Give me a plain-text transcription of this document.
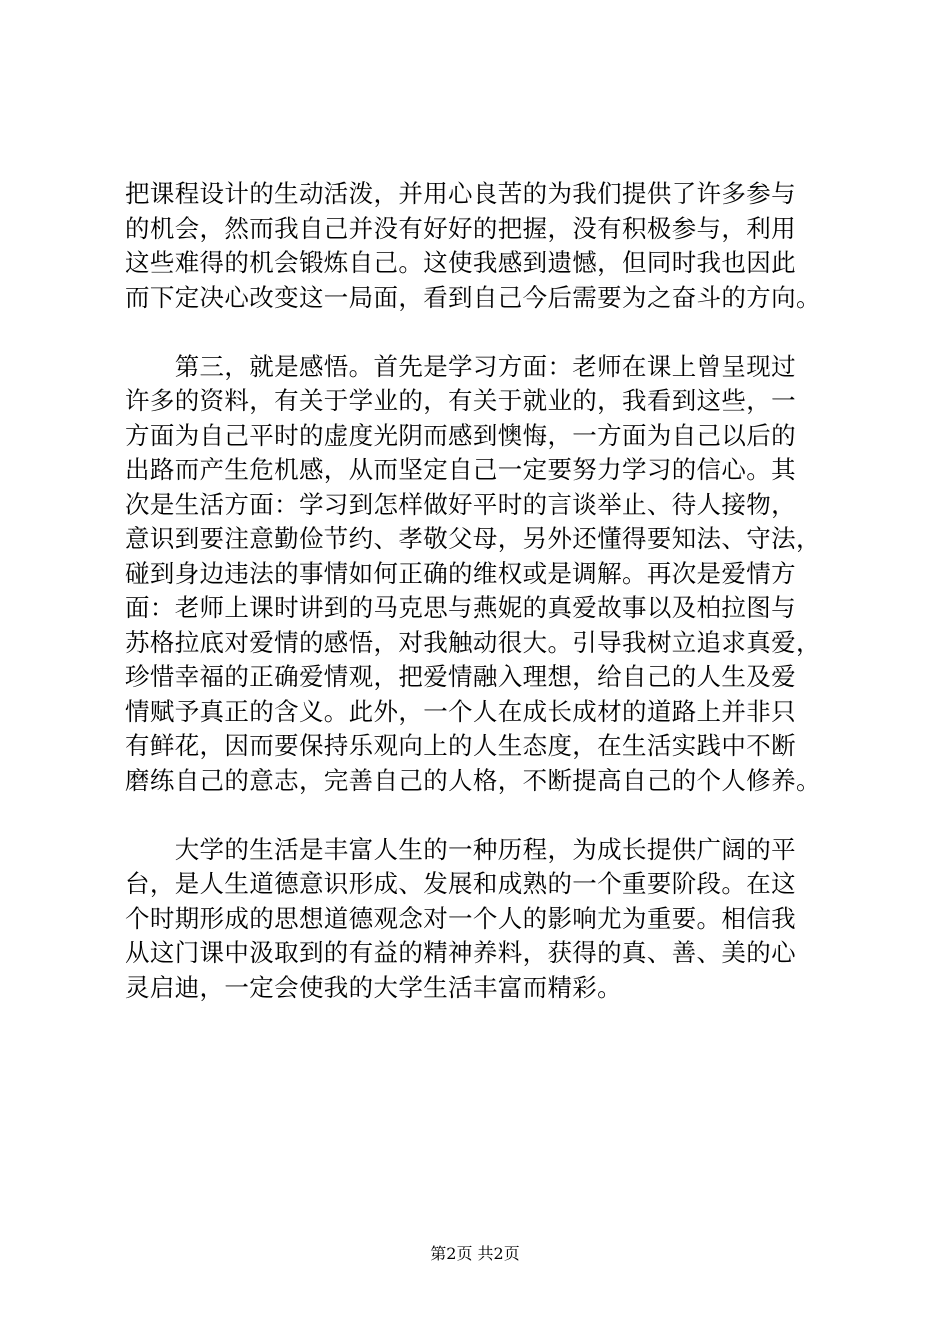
把课程设计的生动活泼，并用心良苦的为我们提供了许多参与
的机会，然而我自己并没有好好的把握，没有积极参与，利用
这些难得的机会锻炼自己。这使我感到遗憾，但同时我也因此
而下定决心改变这一局面，看到自己今后需要为之奋斗的方向。
　　第三，就是感悟。首先是学习方面：老师在课上曾呈现过
许多的资料，有关于学业的，有关于就业的，我看到这些，一
方面为自己平时的虚度光阴而感到懊悔，一方面为自己以后的
出路而产生危机感，从而坚定自己一定要努力学习的信心。其
次是生活方面：学习到怎样做好平时的言谈举止、待人接物，
意识到要注意勤俭节约、孝敬父母，另外还懂得要知法、守法，
碰到身边违法的事情如何正确的维权或是调解。再次是爱情方
面：老师上课时讲到的马克思与燕妮的真爱故事以及柏拉图与
苏格拉底对爱情的感悟，对我触动很大。引导我树立追求真爱，
珍惜幸福的正确爱情观，把爱情融入理想，给自己的人生及爱
情赋予真正的含义。此外，一个人在成长成材的道路上并非只
有鲜花，因而要保持乐观向上的人生态度，在生活实践中不断
磨练自己的意志，完善自己的人格，不断提高自己的个人修养。
　　大学的生活是丰富人生的一种历程，为成长提供广阔的平
台，是人生道德意识形成、发展和成熟的一个重要阶段。在这
个时期形成的思想道德观念对一个人的影响尤为重要。相信我
从这门课中汲取到的有益的精神养料，获得的真、善、美的心
灵启迪，一定会使我的大学生活丰富而精彩。
第2页 共2页
